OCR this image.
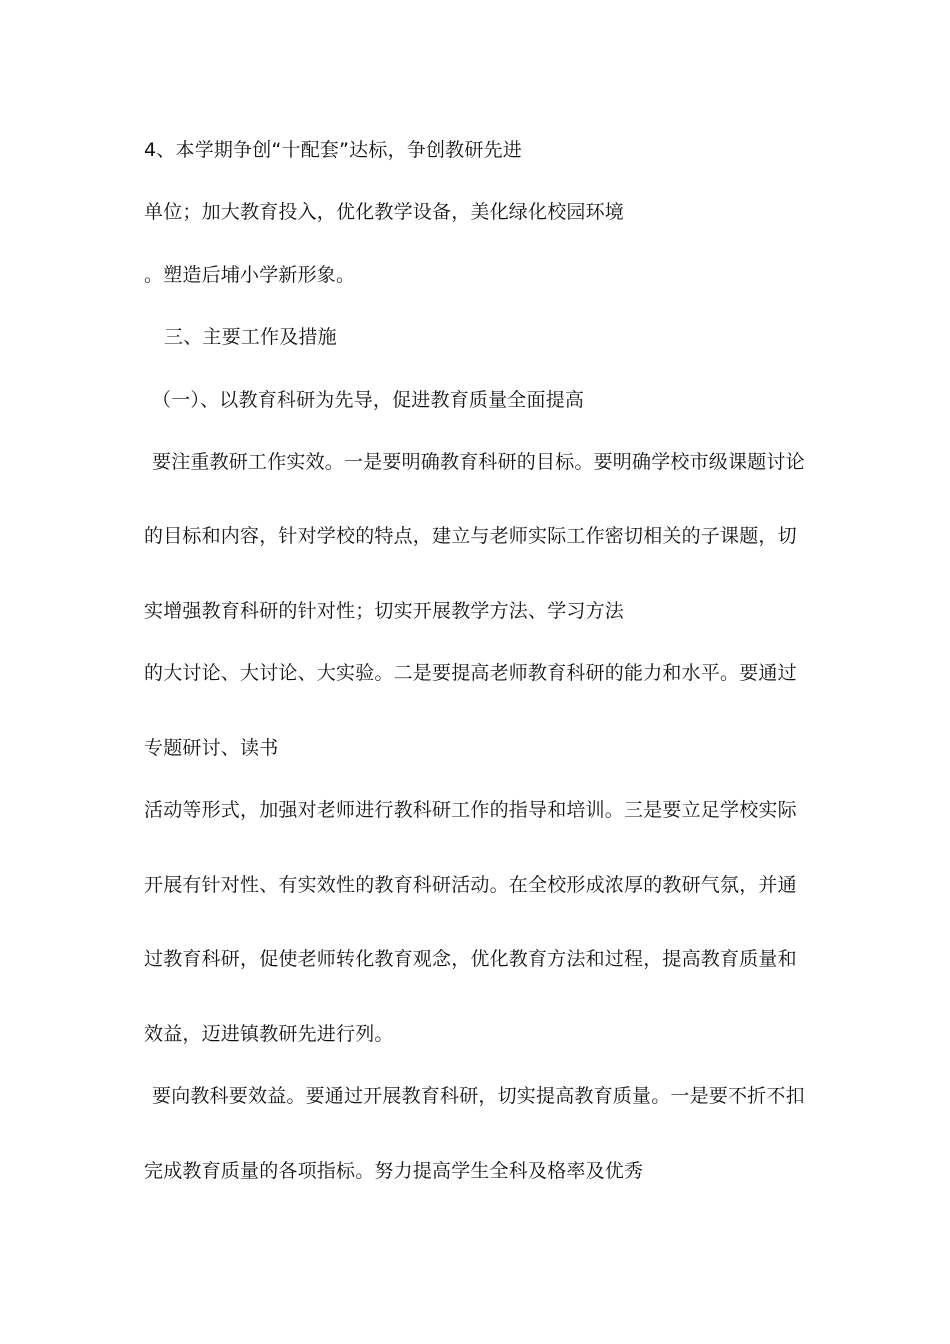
4、本学期争创“十配套”达标，争创教研先进
单位；加大教育投入，优化教学设备，美化绿化校园环境
。塑造后埔小学新形象。
三、主要工作及措施
（一）、以教育科研为先导，促进教育质量全面提高
要注重教研工作实效。一是要明确教育科研的目标。要明确学校市级课题讨论
的目标和内容，针对学校的特点，建立与老师实际工作密切相关的子课题，切
实增强教育科研的针对性；切实开展教学方法、学习方法
的大讨论、大讨论、大实验。二是要提高老师教育科研的能力和水平。要通过
专题研讨、读书
活动等形式，加强对老师进行教科研工作的指导和培训。三是要立足学校实际
开展有针对性、有实效性的教育科研活动。在全校形成浓厚的教研气氛，并通
过教育科研，促使老师转化教育观念，优化教育方法和过程，提高教育质量和
效益，迈进镇教研先进行列。
要向教科要效益。要通过开展教育科研，切实提高教育质量。一是要不折不扣
完成教育质量的各项指标。努力提高学生全科及格率及优秀
